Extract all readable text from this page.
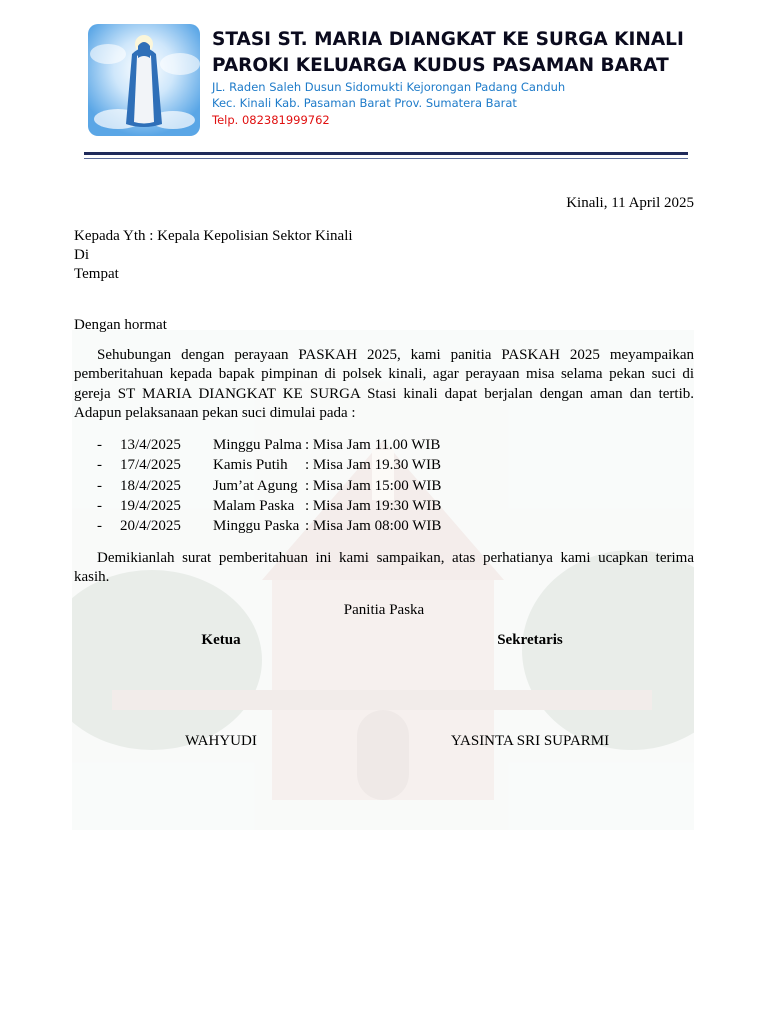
STASI ST. MARIA DIANGKAT KE SURGA KINALI
PAROKI KELUARGA KUDUS PASAMAN BARAT
JL. Raden Saleh Dusun Sidomukti Kejorongan Padang Canduh
Kec. Kinali Kab. Pasaman Barat Prov. Sumatera Barat
Telp. 082381999762
Kinali, 11 April 2025
Kepada Yth : Kepala Kepolisian Sektor Kinali
Di
Tempat
Dengan hormat
Sehubungan dengan perayaan PASKAH 2025, kami panitia PASKAH 2025 meyampaikan pemberitahuan kepada bapak pimpinan di polsek kinali, agar perayaan misa selama pekan suci di gereja ST MARIA DIANGKAT KE SURGA Stasi kinali dapat berjalan dengan aman dan tertib. Adapun pelaksanaan pekan suci dimulai pada :
- 13/4/2025 Minggu Palma : Misa Jam 11.00 WIB
- 17/4/2025 Kamis Putih : Misa Jam 19.30 WIB
- 18/4/2025 Jum’at Agung : Misa Jam 15:00 WIB
- 19/4/2025 Malam Paska : Misa Jam 19:30 WIB
- 20/4/2025 Minggu Paska : Misa Jam 08:00 WIB
Demikianlah surat pemberitahuan ini kami sampaikan, atas perhatianya kami ucapkan terima kasih.
Panitia Paska
Ketua	Sekretaris
WAHYUDI	YASINTA SRI SUPARMI
